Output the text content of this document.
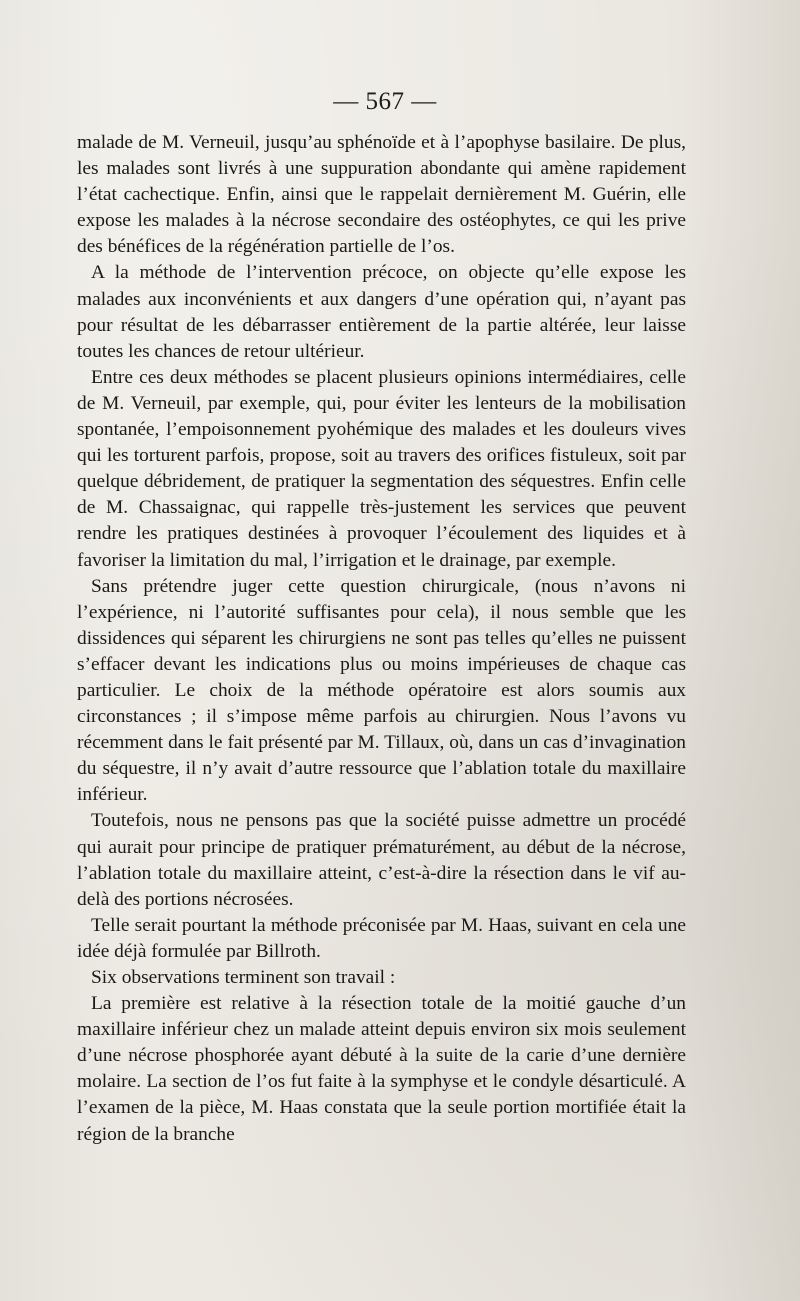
— 567 —

malade de M. Verneuil, jusqu’au sphénoïde et à l’apophyse basilaire. De plus, les malades sont livrés à une suppuration abondante qui amène rapidement l’état cachectique. Enfin, ainsi que le rappelait dernièrement M. Guérin, elle expose les malades à la nécrose secondaire des ostéophytes, ce qui les prive des bénéfices de la régénération partielle de l’os.

A la méthode de l’intervention précoce, on objecte qu’elle expose les malades aux inconvénients et aux dangers d’une opération qui, n’ayant pas pour résultat de les débarrasser entièrement de la partie altérée, leur laisse toutes les chances de retour ultérieur.

Entre ces deux méthodes se placent plusieurs opinions intermédiaires, celle de M. Verneuil, par exemple, qui, pour éviter les lenteurs de la mobilisation spontanée, l’empoisonnement pyohémique des malades et les douleurs vives qui les torturent parfois, propose, soit au travers des orifices fistuleux, soit par quelque débridement, de pratiquer la segmentation des séquestres. Enfin celle de M. Chassaignac, qui rappelle très-justement les services que peuvent rendre les pratiques destinées à provoquer l’écoulement des liquides et à favoriser la limitation du mal, l’irrigation et le drainage, par exemple.

Sans prétendre juger cette question chirurgicale, (nous n’avons ni l’expérience, ni l’autorité suffisantes pour cela), il nous semble que les dissidences qui séparent les chirurgiens ne sont pas telles qu’elles ne puissent s’effacer devant les indications plus ou moins impérieuses de chaque cas particulier. Le choix de la méthode opératoire est alors soumis aux circonstances ; il s’impose même parfois au chirurgien. Nous l’avons vu récemment dans le fait présenté par M. Tillaux, où, dans un cas d’invagination du séquestre, il n’y avait d’autre ressource que l’ablation totale du maxillaire inférieur.

Toutefois, nous ne pensons pas que la société puisse admettre un procédé qui aurait pour principe de pratiquer prématurément, au début de la nécrose, l’ablation totale du maxillaire atteint, c’est-à-dire la résection dans le vif au-delà des portions nécrosées.

Telle serait pourtant la méthode préconisée par M. Haas, suivant en cela une idée déjà formulée par Billroth.

Six observations terminent son travail :

La première est relative à la résection totale de la moitié gauche d’un maxillaire inférieur chez un malade atteint depuis environ six mois seulement d’une nécrose phosphorée ayant débuté à la suite de la carie d’une dernière molaire. La section de l’os fut faite à la symphyse et le condyle désarticulé. A l’examen de la pièce, M. Haas constata que la seule portion mortifiée était la région de la branche
